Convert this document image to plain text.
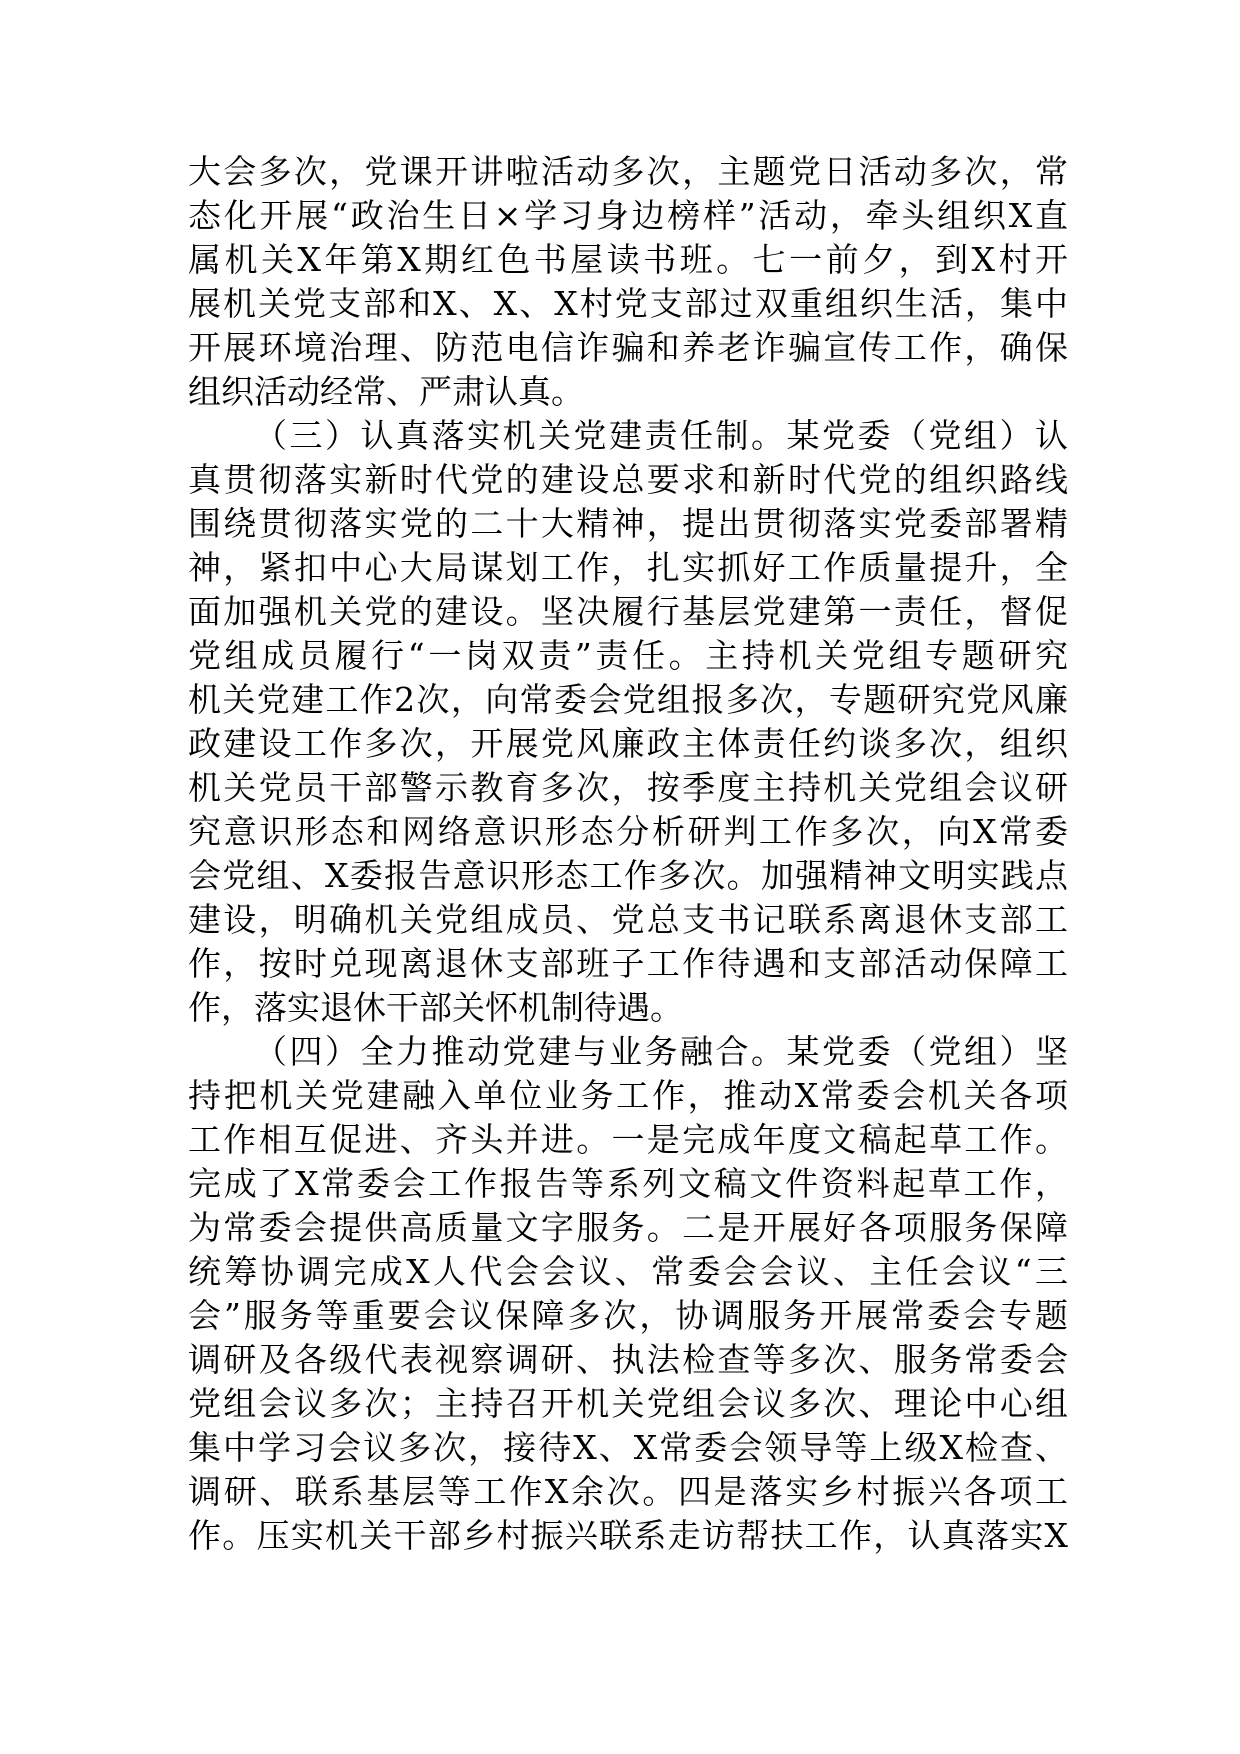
大会多次，党课开讲啦活动多次，主题党日活动多次，常
态化开展“政治生日×学习身边榜样”活动，牵头组织X直
属机关X年第X期红色书屋读书班。七一前夕，到X村开
展机关党支部和X、X、X村党支部过双重组织生活，集中
开展环境治理、防范电信诈骗和养老诈骗宣传工作，确保
组织活动经常、严肃认真。
（三）认真落实机关党建责任制。某党委（党组）认
真贯彻落实新时代党的建设总要求和新时代党的组织路线
围绕贯彻落实党的二十大精神，提出贯彻落实党委部署精
神，紧扣中心大局谋划工作，扎实抓好工作质量提升，全
面加强机关党的建设。坚决履行基层党建第一责任，督促
党组成员履行“一岗双责”责任。主持机关党组专题研究
机关党建工作2次，向常委会党组报多次，专题研究党风廉
政建设工作多次，开展党风廉政主体责任约谈多次，组织
机关党员干部警示教育多次，按季度主持机关党组会议研
究意识形态和网络意识形态分析研判工作多次，向X常委
会党组、X委报告意识形态工作多次。加强精神文明实践点
建设，明确机关党组成员、党总支书记联系离退休支部工
作，按时兑现离退休支部班子工作待遇和支部活动保障工
作，落实退休干部关怀机制待遇。
（四）全力推动党建与业务融合。某党委（党组）坚
持把机关党建融入单位业务工作，推动X常委会机关各项
工作相互促进、齐头并进。一是完成年度文稿起草工作。
完成了X常委会工作报告等系列文稿文件资料起草工作，
为常委会提供高质量文字服务。二是开展好各项服务保障
统筹协调完成X人代会会议、常委会会议、主任会议“三
会”服务等重要会议保障多次，协调服务开展常委会专题
调研及各级代表视察调研、执法检查等多次、服务常委会
党组会议多次；主持召开机关党组会议多次、理论中心组
集中学习会议多次，接待X、X常委会领导等上级X检查、
调研、联系基层等工作X余次。四是落实乡村振兴各项工
作。压实机关干部乡村振兴联系走访帮扶工作，认真落实X
